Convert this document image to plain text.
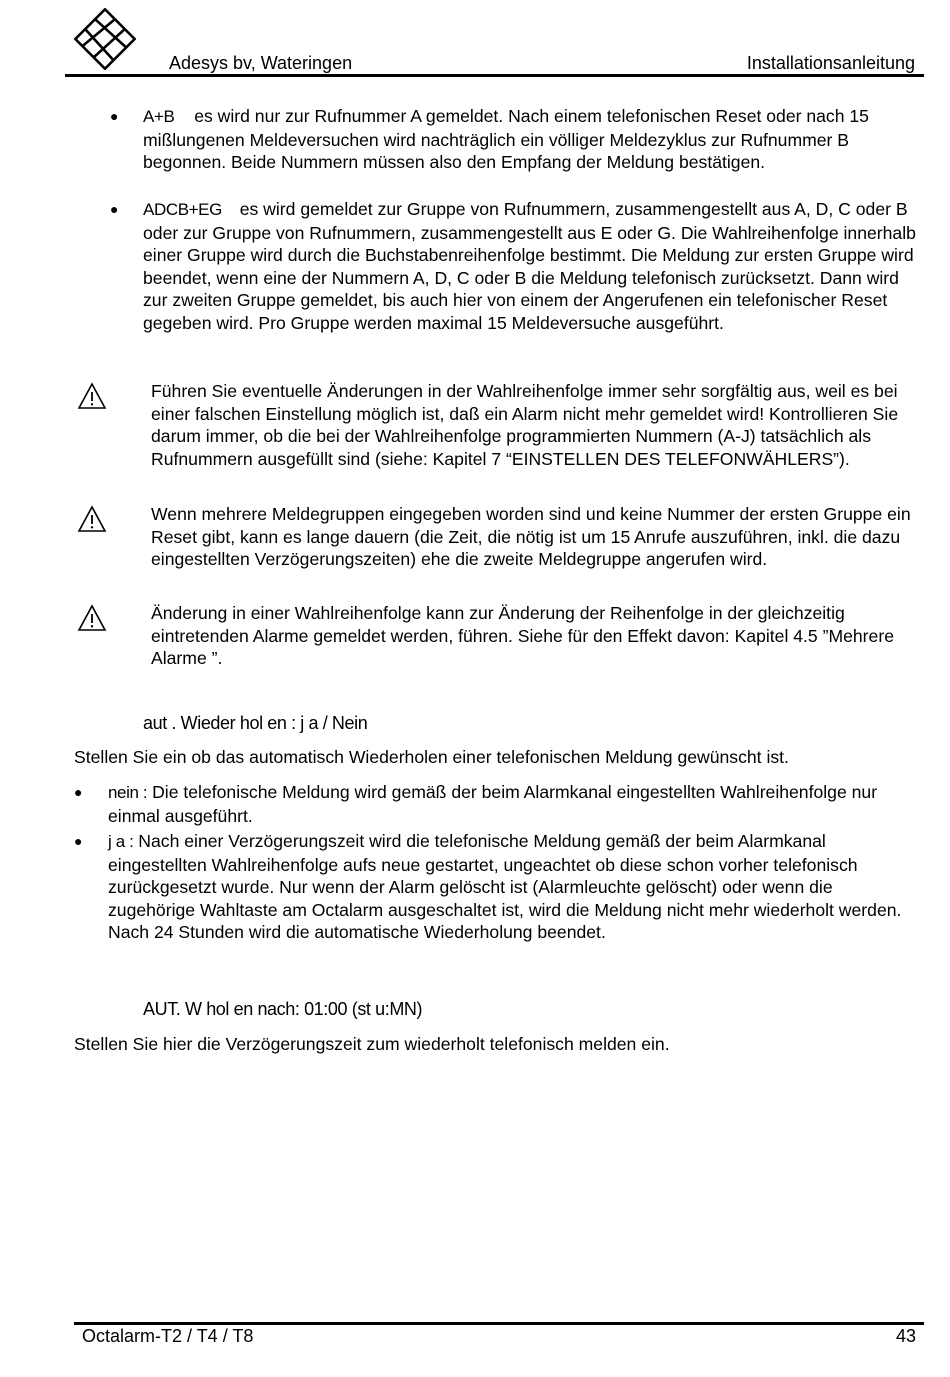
Adesys bv, Wateringen	Installationsanleitung
● A+B es wird nur zur Rufnummer A gemeldet. Nach einem telefonischen Reset oder nach 15 mißlungenen Meldeversuchen wird nachträglich ein völliger Meldezyklus zur Rufnummer B begonnen. Beide Nummern müssen also den Empfang der Meldung bestätigen.
● ADCB+EG es wird gemeldet zur Gruppe von Rufnummern, zusammengestellt aus A, D, C oder B oder zur Gruppe von Rufnummern, zusammengestellt aus E oder G. Die Wahlreihenfolge innerhalb einer Gruppe wird durch die Buchstabenreihenfolge bestimmt. Die Meldung zur ersten Gruppe wird beendet, wenn eine der Nummern A, D, C oder B die Meldung telefonisch zurücksetzt. Dann wird zur zweiten Gruppe gemeldet, bis auch hier von einem der Angerufenen ein telefonischer Reset gegeben wird. Pro Gruppe werden maximal 15 Meldeversuche ausgeführt.
Führen Sie eventuelle Änderungen in der Wahlreihenfolge immer sehr sorgfältig aus, weil es bei einer falschen Einstellung möglich ist, daß ein Alarm nicht mehr gemeldet wird! Kontrollieren Sie darum immer, ob die bei der Wahlreihenfolge programmierten Nummern (A-J) tatsächlich als Rufnummern ausgefüllt sind (siehe: Kapitel 7 “EINSTELLEN DES TELEFONWÄHLERS”).
Wenn mehrere Meldegruppen eingegeben worden sind und keine Nummer der ersten Gruppe ein Reset gibt, kann es lange dauern (die Zeit, die nötig ist um 15 Anrufe auszuführen, inkl. die dazu eingestellten Verzögerungszeiten) ehe die zweite Meldegruppe angerufen wird.
Änderung in einer Wahlreihenfolge kann zur Änderung der Reihenfolge in der gleichzeitig eintretenden Alarme gemeldet werden, führen. Siehe für den Effekt davon: Kapitel 4.5 ”Mehrere Alarme ”.
aut . Wieder hol en : j a / Nein
Stellen Sie ein ob das automatisch Wiederholen einer telefonischen Meldung gewünscht ist.
● nein : Die telefonische Meldung wird gemäß der beim Alarmkanal eingestellten Wahlreihenfolge nur einmal ausgeführt.
● j a : Nach einer Verzögerungszeit wird die telefonische Meldung gemäß der beim Alarmkanal eingestellten Wahlreihenfolge aufs neue gestartet, ungeachtet ob diese schon vorher telefonisch zurückgesetzt wurde. Nur wenn der Alarm gelöscht ist (Alarmleuchte gelöscht) oder wenn die zugehörige Wahltaste am Octalarm ausgeschaltet ist, wird die Meldung nicht mehr wiederholt werden. Nach 24 Stunden wird die automatische Wiederholung beendet.
AUT. W hol en nach: 01:00 (st u:MN)
Stellen Sie hier die Verzögerungszeit zum wiederholt telefonisch melden ein.
Octalarm-T2 / T4 / T8	43
